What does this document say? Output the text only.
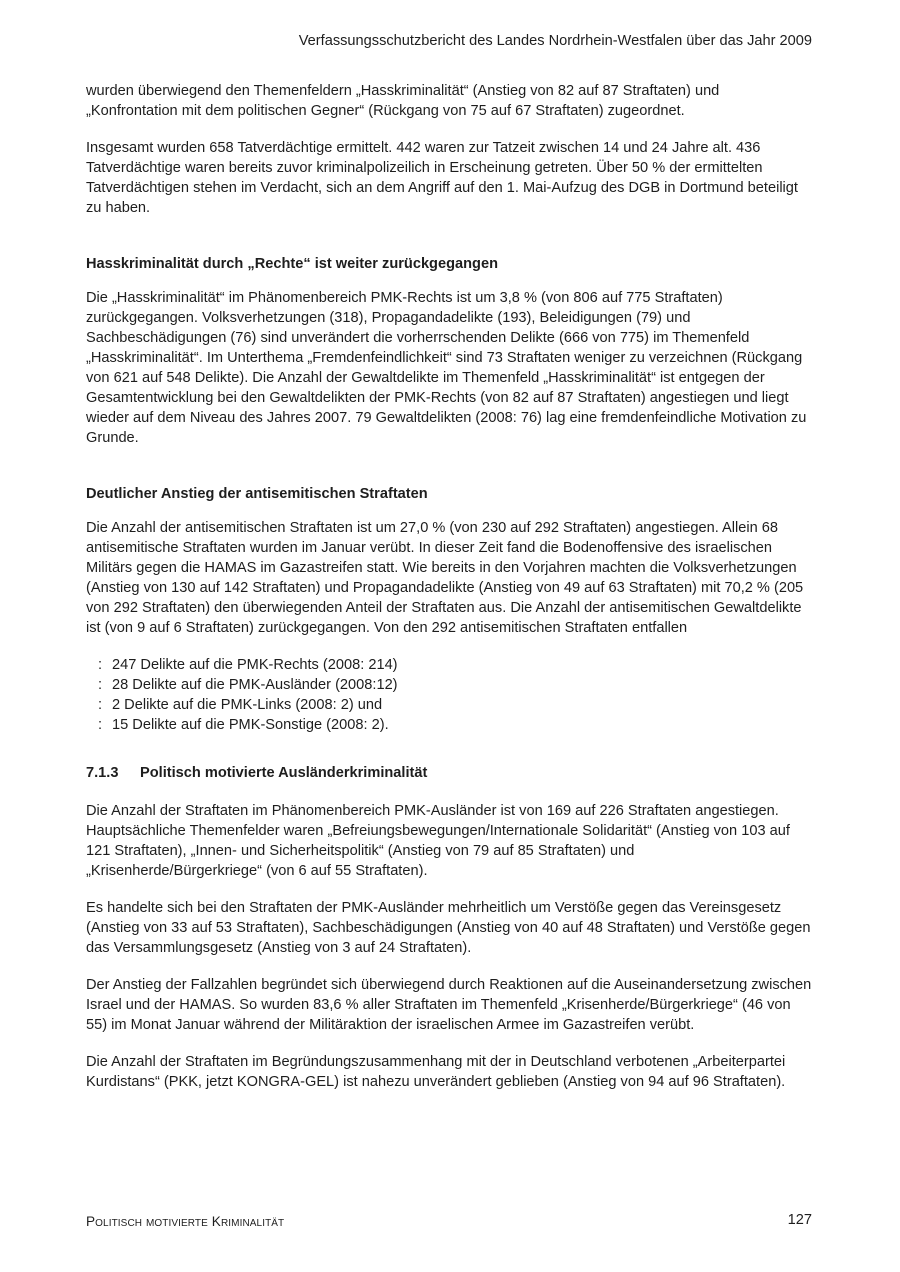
Verfassungsschutzbericht des Landes Nordrhein-Westfalen über das Jahr 2009

wurden überwiegend den Themenfeldern „Hasskriminalität“ (Anstieg von 82 auf 87 Straftaten) und „Konfrontation mit dem politischen Gegner“ (Rückgang von 75 auf 67 Straftaten) zugeordnet.

Insgesamt wurden 658 Tatverdächtige ermittelt. 442 waren zur Tatzeit zwischen 14 und 24 Jahre alt. 436 Tatverdächtige waren bereits zuvor kriminalpolizeilich in Erscheinung getreten. Über 50 % der ermittelten Tatverdächtigen stehen im Verdacht, sich an dem Angriff auf den 1. Mai-Aufzug des DGB in Dortmund beteiligt zu haben.

Hasskriminalität durch „Rechte“ ist weiter zurückgegangen

Die „Hasskriminalität“ im Phänomenbereich PMK-Rechts ist um 3,8 % (von 806 auf 775 Straftaten) zurückgegangen. Volksverhetzungen (318), Propagandadelikte (193), Beleidigungen (79) und Sachbeschädigungen (76) sind unverändert die vorherrschenden Delikte (666 von 775) im Themenfeld „Hasskriminalität“. Im Unterthema „Fremdenfeindlichkeit“ sind 73 Straftaten weniger zu verzeichnen (Rückgang von 621 auf 548 Delikte). Die Anzahl der Gewaltdelikte im Themenfeld „Hasskriminalität“ ist entgegen der Gesamtentwicklung bei den Gewaltdelikten der PMK-Rechts (von 82 auf 87 Straftaten) angestiegen und liegt wieder auf dem Niveau des Jahres 2007. 79 Gewaltdelikten (2008: 76) lag eine fremdenfeindliche Motivation zu Grunde.

Deutlicher Anstieg der antisemitischen Straftaten

Die Anzahl der antisemitischen Straftaten ist um 27,0 % (von 230 auf 292 Straftaten) angestiegen. Allein 68 antisemitische Straftaten wurden im Januar verübt. In dieser Zeit fand die Bodenoffensive des israelischen Militärs gegen die HAMAS im Gazastreifen statt. Wie bereits in den Vorjahren machten die Volksverhetzungen (Anstieg von 130 auf 142 Straftaten) und Propagandadelikte (Anstieg von 49 auf 63 Straftaten) mit 70,2 % (205 von 292 Straftaten) den überwiegenden Anteil der Straftaten aus. Die Anzahl der antisemitischen Gewaltdelikte ist (von 9 auf 6 Straftaten) zurückgegangen. Von den 292 antisemitischen Straftaten entfallen

: 247 Delikte auf die PMK-Rechts (2008: 214)
: 28 Delikte auf die PMK-Ausländer (2008:12)
: 2 Delikte auf die PMK-Links (2008: 2) und
: 15 Delikte auf die PMK-Sonstige (2008: 2).
7.1.3	Politisch motivierte Ausländerkriminalität

Die Anzahl der Straftaten im Phänomenbereich PMK-Ausländer ist von 169 auf 226 Straftaten angestiegen. Hauptsächliche Themenfelder waren „Befreiungsbewegungen/Internationale Solidarität“ (Anstieg von 103 auf 121 Straftaten), „Innen- und Sicherheitspolitik“ (Anstieg von 79 auf 85 Straftaten) und „Krisenherde/Bürgerkriege“ (von 6 auf 55 Straftaten).

Es handelte sich bei den Straftaten der PMK-Ausländer mehrheitlich um Verstöße gegen das Vereinsgesetz (Anstieg von 33 auf 53 Straftaten), Sachbeschädigungen (Anstieg von 40 auf 48 Straftaten) und Verstöße gegen das Versammlungsgesetz (Anstieg von 3 auf 24 Straftaten).

Der Anstieg der Fallzahlen begründet sich überwiegend durch Reaktionen auf die Auseinandersetzung zwischen Israel und der HAMAS. So wurden 83,6 % aller Straftaten im Themenfeld „Krisenherde/Bürgerkriege“ (46 von 55) im Monat Januar während der Militäraktion der israelischen Armee im Gazastreifen verübt.

Die Anzahl der Straftaten im Begründungszusammenhang mit der in Deutschland verbotenen „Arbeiterpartei Kurdistans“ (PKK, jetzt KONGRA-GEL) ist nahezu unverändert geblieben (Anstieg von 94 auf 96 Straftaten).

Politisch motivierte Kriminalität	127
